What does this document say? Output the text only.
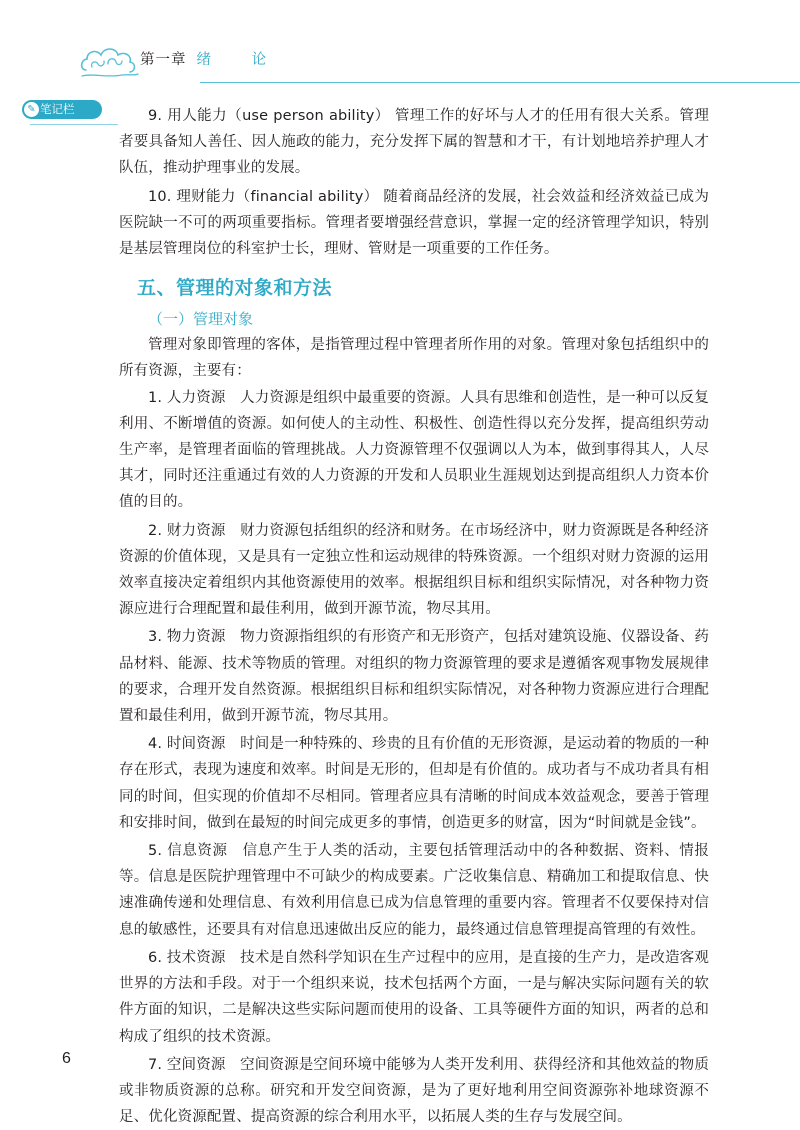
第一章 绪 论
✎ 笔记栏	9. 用人能力（use person ability） 管理工作的好坏与人才的任用有很大关系。管理者要具备知人善任、因人施政的能力，充分发挥下属的智慧和才干，有计划地培养护理人才队伍，推动护理事业的发展。

10. 理财能力（financial ability） 随着商品经济的发展，社会效益和经济效益已成为医院缺一不可的两项重要指标。管理者要增强经营意识，掌握一定的经济管理学知识，特别是基层管理岗位的科室护士长，理财、管财是一项重要的工作任务。

五、管理的对象和方法
（一）管理对象

管理对象即管理的客体，是指管理过程中管理者所作用的对象。管理对象包括组织中的所有资源，主要有：

1. 人力资源　人力资源是组织中最重要的资源。人具有思维和创造性，是一种可以反复利用、不断增值的资源。如何使人的主动性、积极性、创造性得以充分发挥，提高组织劳动生产率，是管理者面临的管理挑战。人力资源管理不仅强调以人为本，做到事得其人，人尽其才，同时还注重通过有效的人力资源的开发和人员职业生涯规划达到提高组织人力资本价值的目的。

2. 财力资源　财力资源包括组织的经济和财务。在市场经济中，财力资源既是各种经济资源的价值体现，又是具有一定独立性和运动规律的特殊资源。一个组织对财力资源的运用效率直接决定着组织内其他资源使用的效率。根据组织目标和组织实际情况，对各种物力资源应进行合理配置和最佳利用，做到开源节流，物尽其用。

3. 物力资源　物力资源指组织的有形资产和无形资产，包括对建筑设施、仪器设备、药品材料、能源、技术等物质的管理。对组织的物力资源管理的要求是遵循客观事物发展规律的要求，合理开发自然资源。根据组织目标和组织实际情况，对各种物力资源应进行合理配置和最佳利用，做到开源节流，物尽其用。

4. 时间资源　时间是一种特殊的、珍贵的且有价值的无形资源，是运动着的物质的一种存在形式，表现为速度和效率。时间是无形的，但却是有价值的。成功者与不成功者具有相同的时间，但实现的价值却不尽相同。管理者应具有清晰的时间成本效益观念，要善于管理和安排时间，做到在最短的时间完成更多的事情，创造更多的财富，因为“时间就是金钱”。

5. 信息资源　信息产生于人类的活动，主要包括管理活动中的各种数据、资料、情报等。信息是医院护理管理中不可缺少的构成要素。广泛收集信息、精确加工和提取信息、快速准确传递和处理信息、有效利用信息已成为信息管理的重要内容。管理者不仅要保持对信息的敏感性，还要具有对信息迅速做出反应的能力，最终通过信息管理提高管理的有效性。

6. 技术资源　技术是自然科学知识在生产过程中的应用，是直接的生产力，是改造客观世界的方法和手段。对于一个组织来说，技术包括两个方面，一是与解决实际问题有关的软件方面的知识，二是解决这些实际问题而使用的设备、工具等硬件方面的知识，两者的总和构成了组织的技术资源。

7. 空间资源　空间资源是空间环境中能够为人类开发利用、获得经济和其他效益的物质或非物质资源的总称。研究和开发空间资源，是为了更好地利用空间资源弥补地球资源不足、优化资源配置、提高资源的综合利用水平，以拓展人类的生存与发展空间。

6
